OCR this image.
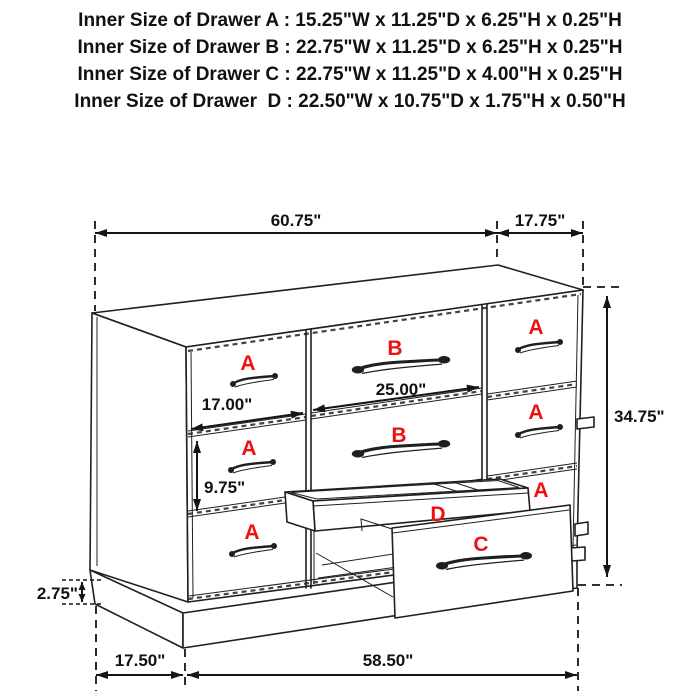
Inner Size of Drawer A : 15.25"W x 11.25"D x 6.25"H x 0.25"H
Inner Size of Drawer B : 22.75"W x 11.25"D x 6.25"H x 0.25"H
Inner Size of Drawer C : 22.75"W x 11.25"D x 4.00"H x 0.25"H
Inner Size of Drawer  D : 22.50"W x 10.75"D x 1.75"H x 0.50"H
60.75"	17.75"
34.75"
17.00"
25.00"
9.75"
2.75"
17.50"	58.50"
A
A
A
B
B
A
A
A
D
C
